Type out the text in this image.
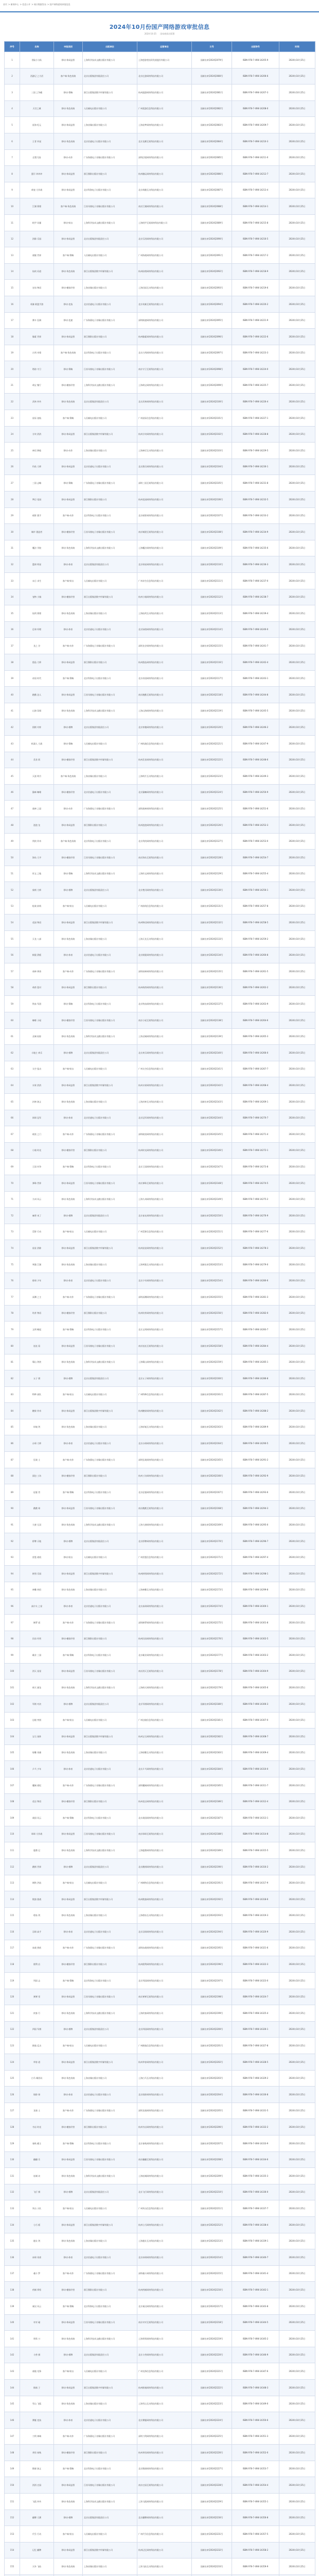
首页 > 新闻中心 > 信息公开 > 统计数据发布 > 国产网络游戏审批信息
2024年10月份国产网络游戏审批信息
2024-10-25 国家新闻出版署
序号	名称	申报类别	出版单位	运营单位	文号	出版物号	时间
1	冒险小分队	移动-休闲益智	上海科学技术文献出版社有限公司	上海悠游堂投资发展股份有限公司	国新出审[2024]2079号	ISBN 978-7-498-14205-9	2024年10月25日
2	西游记 之大话	客户端-角色扮演	北京出版集团有限责任公司	北京亿游网络科技有限公司	国新出审[2024]2080号	ISBN 978-7-498-14206-6	2024年10月25日
3	三国 之争霸	移动-策略	浙江出版集团数字传媒有限公司	杭州盛游网络科技有限公司	国新出审[2024]2081号	ISBN 978-7-498-14207-3	2024年10月25日
4	天空之城	移动-角色扮演	人民邮电出版社有限公司	广州爱游信息科技有限公司	国新出审[2024]2082号	ISBN 978-7-498-14208-0	2024年10月25日
5	星海 纪元	移动-休闲益智	上海音像出版社有限公司	上海星梦网络科技有限公司	国新出审[2024]2083号	ISBN 978-7-498-14209-7	2024年10月25日
6	王者 传说	移动-角色扮演	北京伯通电子出版社有限公司	北京龙腾互娱科技有限公司	国新出审[2024]2084号	ISBN 978-7-498-14210-3	2024年10月25日
7	幻想大陆	移动-动作	广东海燕电子音像出版社有限公司	深圳幻境网络科技有限公司	国新出审[2024]2085号	ISBN 978-7-498-14211-0	2024年10月25日
8	蛋仔 冲冲冲	移动-休闲益智	浙江摄影出版社有限公司	杭州趣玩网络科技有限公司	国新出审[2024]2086号	ISBN 978-7-498-14212-7	2024年10月25日
9	萌宠 大作战	移动-休闲益智	北京科海电子出版社有限公司	北京萌趣互动科技有限公司	国新出审[2024]2087号	ISBN 978-7-498-14213-4	2024年10月25日
10	江湖 情缘	客户端-角色扮演	江苏凤凰电子音像出版社有限公司	南京江湖网络科技有限公司	国新出审[2024]2088号	ISBN 978-7-498-14214-1	2024年10月25日
11	机甲 风暴	移动-射击	上海科学技术文献出版社有限公司	上海机甲互娱网络科技有限公司	国新出审[2024]2089号	ISBN 978-7-498-14215-8	2024年10月25日
12	消除 乐园	移动-休闲益智	北京出版集团有限责任公司	北京乐消网络科技有限公司	国新出审[2024]2090号	ISBN 978-7-498-14216-5	2024年10月25日
13	战舰 世界	客户端-策略	人民邮电出版社有限公司	广州海战网络科技有限公司	国新出审[2024]2091号	ISBN 978-7-498-14217-2	2024年10月25日
14	仙侠 问道	移动-角色扮演	浙江出版集团数字传媒有限公司	杭州仙缘网络科技有限公司	国新出审[2024]2092号	ISBN 978-7-498-14218-9	2024年10月25日
15	农场 物语	移动-模拟经营	上海音像出版社有限公司	上海田园互动科技有限公司	国新出审[2024]2093号	ISBN 978-7-498-14219-6	2024年10月25日
16	英雄 联盟手游	移动-竞技	北京伯通电子出版社有限公司	北京英雄互娱科技有限公司	国新出审[2024]2094号	ISBN 978-7-498-14220-2	2024年10月25日
17	赛车 狂飙	移动-竞速	广东海燕电子音像出版社有限公司	深圳极速网络科技有限公司	国新出审[2024]2095号	ISBN 978-7-498-14221-9	2024年10月25日
18	像素 世界	移动-休闲益智	浙江摄影出版社有限公司	杭州像素网络科技有限公司	国新出审[2024]2096号	ISBN 978-7-498-14222-6	2024年10月25日
19	古剑 奇缘	客户端-角色扮演	北京科海电子出版社有限公司	北京古剑网络科技有限公司	国新出审[2024]2097号	ISBN 978-7-498-14223-3	2024年10月25日
20	塔防 守卫	移动-策略	江苏凤凰电子音像出版社有限公司	南京守卫互娱科技有限公司	国新出审[2024]2098号	ISBN 978-7-498-14224-0	2024年10月25日
21	萌宝 餐厅	移动-模拟经营	上海科学技术文献出版社有限公司	上海萌宝网络科技有限公司	国新出审[2024]2099号	ISBN 978-7-498-14225-7	2024年10月25日
22	武林 外传	移动-角色扮演	北京出版集团有限责任公司	北京武林网络科技有限公司	国新出审[2024]2100号	ISBN 978-7-498-14226-4	2024年10月25日
23	星际 迷航	客户端-策略	人民邮电出版社有限公司	广州星际信息科技有限公司	国新出审[2024]2101号	ISBN 978-7-498-14227-1	2024年10月25日
24	方块 消消	移动-休闲益智	浙江出版集团数字传媒有限公司	杭州方块网络科技有限公司	国新出审[2024]2102号	ISBN 978-7-498-14228-8	2024年10月25日
25	神话 降临	移动-动作	上海音像出版社有限公司	上海神话互动科技有限公司	国新出审[2024]2103号	ISBN 978-7-498-14229-5	2024年10月25日
26	钓鱼 大师	移动-休闲益智	北京伯通电子出版社有限公司	北京渔乐网络科技有限公司	国新出审[2024]2104号	ISBN 978-7-498-14230-1	2024年10月25日
27	三国 志略	移动-策略	广东海燕电子音像出版社有限公司	深圳三国互娱科技有限公司	国新出审[2024]2105号	ISBN 978-7-498-14231-8	2024年10月25日
28	梦幻 花园	移动-休闲益智	浙江摄影出版社有限公司	杭州花园网络科技有限公司	国新出审[2024]2106号	ISBN 978-7-498-14232-5	2024年10月25日
29	暗影 猎手	客户端-动作	北京科海电子出版社有限公司	北京暗影网络科技有限公司	国新出审[2024]2107号	ISBN 978-7-498-14233-2	2024年10月25日
30	城市 建造者	移动-模拟经营	江苏凤凰电子音像出版社有限公司	南京城建互娱科技有限公司	国新出审[2024]2108号	ISBN 978-7-498-14234-9	2024年10月25日
31	魔法 学院	移动-角色扮演	上海科学技术文献出版社有限公司	上海魔法网络科技有限公司	国新出审[2024]2109号	ISBN 978-7-498-14235-6	2024年10月25日
32	篮球 明星	移动-体育	北京出版集团有限责任公司	北京球星网络科技有限公司	国新出审[2024]2110号	ISBN 978-7-498-14236-3	2024年10月25日
33	末日 求生	客户端-射击	人民邮电出版社有限公司	广州求生信息科技有限公司	国新出审[2024]2111号	ISBN 978-7-498-14237-0	2024年10月25日
34	宠物 小镇	移动-模拟经营	浙江出版集团数字传媒有限公司	杭州小镇网络科技有限公司	国新出审[2024]2112号	ISBN 978-7-498-14238-7	2024年10月25日
35	仙剑 情缘	移动-角色扮演	上海音像出版社有限公司	上海仙剑互动科技有限公司	国新出审[2024]2113号	ISBN 978-7-498-14239-4	2024年10月25日
36	足球 经理	移动-体育	北京伯通电子出版社有限公司	北京绿茵网络科技有限公司	国新出审[2024]2114号	ISBN 978-7-498-14240-0	2024年10月25日
37	龙之 谷	客户端-动作	广东海燕电子音像出版社有限公司	深圳龙谷网络科技有限公司	国新出审[2024]2115号	ISBN 978-7-498-14241-7	2024年10月25日
38	甜品 大师	移动-休闲益智	浙江摄影出版社有限公司	杭州甜品网络科技有限公司	国新出审[2024]2116号	ISBN 978-7-498-14242-4	2024年10月25日
39	帝国 时代	客户端-策略	北京科海电子出版社有限公司	北京帝国网络科技有限公司	国新出审[2024]2117号	ISBN 978-7-498-14243-1	2024年10月25日
40	跑酷 达人	移动-休闲益智	江苏凤凰电子音像出版社有限公司	南京跑酷互娱科技有限公司	国新出审[2024]2118号	ISBN 978-7-498-14244-8	2024年10月25日
41	山海 异闻	移动-角色扮演	上海科学技术文献出版社有限公司	上海山海网络科技有限公司	国新出审[2024]2119号	ISBN 978-7-498-14245-5	2024年10月25日
42	围棋 对弈	移动-棋牌	北京出版集团有限责任公司	北京弈趣网络科技有限公司	国新出审[2024]2120号	ISBN 978-7-498-14246-2	2024年10月25日
43	机器人 大战	移动-策略	人民邮电出版社有限公司	广州机战信息科技有限公司	国新出审[2024]2121号	ISBN 978-7-498-14247-9	2024年10月25日
44	美食 街	移动-模拟经营	浙江出版集团数字传媒有限公司	杭州美食网络科技有限公司	国新出审[2024]2122号	ISBN 978-7-498-14248-6	2024年10月25日
45	天涯 明月	客户端-角色扮演	上海音像出版社有限公司	上海明月互动科技有限公司	国新出审[2024]2123号	ISBN 978-7-498-14249-3	2024年10月25日
46	猫咪 咖啡	移动-模拟经营	北京伯通电子出版社有限公司	北京猫咖网络科技有限公司	国新出审[2024]2124号	ISBN 978-7-498-14250-9	2024年10月25日
47	战神 之怒	移动-动作	广东海燕电子音像出版社有限公司	深圳战神网络科技有限公司	国新出审[2024]2125号	ISBN 978-7-498-14251-6	2024年10月25日
48	泡泡 龙	移动-休闲益智	浙江摄影出版社有限公司	杭州泡泡网络科技有限公司	国新出审[2024]2126号	ISBN 978-7-498-14252-3	2024年10月25日
49	剑侠 传奇	客户端-角色扮演	北京科海电子出版社有限公司	北京剑侠网络科技有限公司	国新出审[2024]2127号	ISBN 978-7-498-14253-0	2024年10月25日
50	海岛 大亨	移动-模拟经营	江苏凤凰电子音像出版社有限公司	南京海岛互娱科技有限公司	国新出审[2024]2128号	ISBN 978-7-498-14254-7	2024年10月25日
51	符文 之地	移动-策略	上海科学技术文献出版社有限公司	上海符文网络科技有限公司	国新出审[2024]2129号	ISBN 978-7-498-14255-4	2024年10月25日
52	象棋 大师	移动-棋牌	北京出版集团有限责任公司	北京楚河网络科技有限公司	国新出审[2024]2130号	ISBN 978-7-498-14256-1	2024年10月25日
53	枪战 前线	客户端-射击	人民邮电出版社有限公司	广州前线信息科技有限公司	国新出审[2024]2131号	ISBN 978-7-498-14257-8	2024年10月25日
54	花园 物语	移动-休闲益智	浙江出版集团数字传媒有限公司	杭州物语网络科技有限公司	国新出审[2024]2132号	ISBN 978-7-498-14258-5	2024年10月25日
55	天龙 八部	移动-角色扮演	上海音像出版社有限公司	上海天龙互动科技有限公司	国新出审[2024]2133号	ISBN 978-7-498-14259-2	2024年10月25日
56	极限 滑板	移动-体育	北京伯通电子出版社有限公司	北京极限网络科技有限公司	国新出审[2024]2134号	ISBN 978-7-498-14260-8	2024年10月25日
57	诸神 黄昏	客户端-动作	广东海燕电子音像出版社有限公司	深圳诸神网络科技有限公司	国新出审[2024]2135号	ISBN 978-7-498-14261-5	2024年10月25日
58	萌兽 派对	移动-休闲益智	浙江摄影出版社有限公司	杭州萌兽网络科技有限公司	国新出审[2024]2136号	ISBN 978-7-498-14262-2	2024年10月25日
59	铁血 军团	移动-策略	北京科海电子出版社有限公司	北京铁血网络科技有限公司	国新出审[2024]2137号	ISBN 978-7-498-14263-9	2024年10月25日
60	咖啡 小屋	移动-模拟经营	江苏凤凰电子音像出版社有限公司	南京小屋互娱科技有限公司	国新出审[2024]2138号	ISBN 978-7-498-14264-6	2024年10月25日
61	灵域 仙踪	移动-角色扮演	上海科学技术文献出版社有限公司	上海灵域网络科技有限公司	国新出审[2024]2139号	ISBN 978-7-498-14265-3	2024年10月25日
62	斗地主 欢乐	移动-棋牌	北京出版集团有限责任公司	北京欢乐网络科技有限公司	国新出审[2024]2140号	ISBN 978-7-498-14266-0	2024年10月25日
63	太空 狙击	客户端-射击	人民邮电出版社有限公司	广州太空信息科技有限公司	国新出审[2024]2141号	ISBN 978-7-498-14267-7	2024年10月25日
64	水果 消消	移动-休闲益智	浙江出版集团数字传媒有限公司	杭州水果网络科技有限公司	国新出审[2024]2142号	ISBN 978-7-498-14268-4	2024年10月25日
65	封神 演义	移动-角色扮演	上海音像出版社有限公司	上海封神互动科技有限公司	国新出审[2024]2143号	ISBN 978-7-498-14269-1	2024年10月25日
66	网球 冠军	移动-体育	北京伯通电子出版社有限公司	北京冠军网络科技有限公司	国新出审[2024]2144号	ISBN 978-7-498-14270-7	2024年10月25日
67	暗黑 之门	客户端-动作	广东海燕电子音像出版社有限公司	深圳暗黑网络科技有限公司	国新出审[2024]2145号	ISBN 978-7-498-14271-4	2024年10月25日
68	小镇 时光	移动-模拟经营	浙江摄影出版社有限公司	杭州时光网络科技有限公司	国新出审[2024]2146号	ISBN 978-7-498-14272-1	2024年10月25日
69	王国 纷争	客户端-策略	北京科海电子出版社有限公司	北京王国网络科技有限公司	国新出审[2024]2147号	ISBN 978-7-498-14273-8	2024年10月25日
70	弹珠 世界	移动-休闲益智	江苏凤凰电子音像出版社有限公司	南京弹珠互娱科技有限公司	国新出审[2024]2148号	ISBN 978-7-498-14274-5	2024年10月25日
71	九州 风云	移动-角色扮演	上海科学技术文献出版社有限公司	上海九州网络科技有限公司	国新出审[2024]2149号	ISBN 978-7-498-14275-2	2024年10月25日
72	麻将 来了	移动-棋牌	北京出版集团有限责任公司	北京雀友网络科技有限公司	国新出审[2024]2150号	ISBN 978-7-498-14276-9	2024年10月25日
73	荒野 行动	客户端-射击	人民邮电出版社有限公司	广州荒野信息科技有限公司	国新出审[2024]2151号	ISBN 978-7-498-14277-6	2024年10月25日
74	星星 消除	移动-休闲益智	浙江出版集团数字传媒有限公司	杭州星星网络科技有限公司	国新出审[2024]2152号	ISBN 978-7-498-14278-3	2024年10月25日
75	笑傲 江湖	移动-角色扮演	上海音像出版社有限公司	上海笑傲互动科技有限公司	国新出审[2024]2153号	ISBN 978-7-498-14279-0	2024年10月25日
76	排球 少年	移动-体育	北京伯通电子出版社有限公司	北京少年网络科技有限公司	国新出审[2024]2154号	ISBN 978-7-498-14280-6	2024年10月25日
77	深渊 之主	客户端-动作	广东海燕电子音像出版社有限公司	深圳深渊网络科技有限公司	国新出审[2024]2155号	ISBN 978-7-498-14281-3	2024年10月25日
78	奶茶 物语	移动-模拟经营	浙江摄影出版社有限公司	杭州奶茶网络科技有限公司	国新出审[2024]2156号	ISBN 978-7-498-14282-0	2024年10月25日
79	文明 崛起	客户端-策略	北京科海电子出版社有限公司	北京文明网络科技有限公司	国新出审[2024]2157号	ISBN 978-7-498-14283-7	2024年10月25日
80	连连 看	移动-休闲益智	江苏凤凰电子音像出版社有限公司	南京连连互娱科技有限公司	国新出审[2024]2158号	ISBN 978-7-498-14284-4	2024年10月25日
81	蜀山 剑侠	移动-角色扮演	上海科学技术文献出版社有限公司	上海蜀山网络科技有限公司	国新出审[2024]2159号	ISBN 978-7-498-14285-1	2024年10月25日
82	五子 棋	移动-棋牌	北京出版集团有限责任公司	北京五子网络科技有限公司	国新出审[2024]2160号	ISBN 978-7-498-14286-8	2024年10月25日
83	特种 部队	客户端-射击	人民邮电出版社有限公司	广州特种信息科技有限公司	国新出审[2024]2161号	ISBN 978-7-498-14287-5	2024年10月25日
84	糖果 传奇	移动-休闲益智	浙江出版集团数字传媒有限公司	杭州糖果网络科技有限公司	国新出审[2024]2162号	ISBN 978-7-498-14288-2	2024年10月25日
85	轩辕 剑	移动-角色扮演	上海音像出版社有限公司	上海轩辕互动科技有限公司	国新出审[2024]2163号	ISBN 978-7-498-14289-9	2024年10月25日
86	台球 大师	移动-体育	北京伯通电子出版社有限公司	北京台球网络科技有限公司	国新出审[2024]2164号	ISBN 978-7-498-14290-5	2024年10月25日
87	狂战 士	客户端-动作	广东海燕电子音像出版社有限公司	深圳狂战网络科技有限公司	国新出审[2024]2165号	ISBN 978-7-498-14291-2	2024年10月25日
88	面包 工坊	移动-模拟经营	浙江摄影出版社有限公司	杭州工坊网络科技有限公司	国新出审[2024]2166号	ISBN 978-7-498-14292-9	2024年10月25日
89	征服 者	客户端-策略	北京科海电子出版社有限公司	北京征服网络科技有限公司	国新出审[2024]2167号	ISBN 978-7-498-14293-6	2024年10月25日
90	跳跳 球	移动-休闲益智	江苏凤凰电子音像出版社有限公司	南京跳跳互娱科技有限公司	国新出审[2024]2168号	ISBN 978-7-498-14294-3	2024年10月25日
91	大唐 无双	移动-角色扮演	上海科学技术文献出版社有限公司	上海大唐网络科技有限公司	国新出审[2024]2169号	ISBN 978-7-498-14295-0	2024年10月25日
92	桥牌 天地	移动-棋牌	北京出版集团有限责任公司	北京桥牌网络科技有限公司	国新出审[2024]2170号	ISBN 978-7-498-14296-7	2024年10月25日
93	雷霆 战机	移动-射击	人民邮电出版社有限公司	广州雷霆信息科技有限公司	国新出审[2024]2171号	ISBN 978-7-498-14297-4	2024年10月25日
94	拼图 乐园	移动-休闲益智	浙江出版集团数字传媒有限公司	杭州拼图网络科技有限公司	国新出审[2024]2172号	ISBN 978-7-498-14298-1	2024年10月25日
95	神雕 侠侣	移动-角色扮演	上海音像出版社有限公司	上海神雕互动科技有限公司	国新出审[2024]2173号	ISBN 978-7-498-14299-8	2024年10月25日
96	高尔夫 之星	移动-体育	北京伯通电子出版社有限公司	北京高球网络科技有限公司	国新出审[2024]2174号	ISBN 978-7-498-14300-1	2024年10月25日
97	修罗 道	客户端-动作	广东海燕电子音像出版社有限公司	深圳修罗网络科技有限公司	国新出审[2024]2175号	ISBN 978-7-498-14301-8	2024年10月25日
98	民宿 经营	移动-模拟经营	浙江摄影出版社有限公司	杭州民宿网络科技有限公司	国新出审[2024]2176号	ISBN 978-7-498-14302-5	2024年10月25日
99	霸业 三国	客户端-策略	北京科海电子出版社有限公司	北京霸业网络科技有限公司	国新出审[2024]2177号	ISBN 978-7-498-14303-2	2024年10月25日
100	消灭 星星	移动-休闲益智	江苏凤凰电子音像出版社有限公司	南京消灭互娱科技有限公司	国新出审[2024]2178号	ISBN 978-7-498-14304-9	2024年10月25日
101	倚天 屠龙	移动-角色扮演	上海科学技术文献出版社有限公司	上海倚天网络科技有限公司	国新出审[2024]2179号	ISBN 978-7-498-14305-6	2024年10月25日
102	军棋 对决	移动-棋牌	北京出版集团有限责任公司	北京军棋网络科技有限公司	国新出审[2024]2180号	ISBN 978-7-498-14306-3	2024年10月25日
103	边境 突围	客户端-射击	人民邮电出版社有限公司	广州边境信息科技有限公司	国新出审[2024]2181号	ISBN 978-7-498-14307-0	2024年10月25日
104	宝石 迷阵	移动-休闲益智	浙江出版集团数字传媒有限公司	杭州宝石网络科技有限公司	国新出审[2024]2182号	ISBN 978-7-498-14308-7	2024年10月25日
105	射雕 英雄	移动-角色扮演	上海音像出版社有限公司	上海射雕互动科技有限公司	国新出审[2024]2183号	ISBN 978-7-498-14309-4	2024年10月25日
106	乒乓 少年	移动-体育	北京伯通电子出版社有限公司	北京乒乓网络科技有限公司	国新出审[2024]2184号	ISBN 978-7-498-14310-0	2024年10月25日
107	魔域 战纪	客户端-动作	广东海燕电子音像出版社有限公司	深圳魔域网络科技有限公司	国新出审[2024]2185号	ISBN 978-7-498-14311-7	2024年10月25日
108	花店 物语	移动-模拟经营	浙江摄影出版社有限公司	杭州花店网络科技有限公司	国新出审[2024]2186号	ISBN 978-7-498-14312-4	2024年10月25日
109	战国 风云	客户端-策略	北京科海电子出版社有限公司	北京战国网络科技有限公司	国新出审[2024]2187号	ISBN 978-7-498-14313-1	2024年10月25日
110	球球 大作战	移动-休闲益智	江苏凤凰电子音像出版社有限公司	南京球球互娱科技有限公司	国新出审[2024]2188号	ISBN 978-7-498-14314-8	2024年10月25日
111	鹿鼎 记	移动-角色扮演	上海科学技术文献出版社有限公司	上海鹿鼎网络科技有限公司	国新出审[2024]2189号	ISBN 978-7-498-14315-5	2024年10月25日
112	跳棋 世界	移动-棋牌	北京出版集团有限责任公司	北京跳棋网络科技有限公司	国新出审[2024]2190号	ISBN 978-7-498-14316-2	2024年10月25日
113	钢铁 洪流	客户端-射击	人民邮电出版社有限公司	广州钢铁信息科技有限公司	国新出审[2024]2191号	ISBN 978-7-498-14317-9	2024年10月25日
114	数独 挑战	移动-休闲益智	浙江出版集团数字传媒有限公司	杭州数独网络科技有限公司	国新出审[2024]2192号	ISBN 978-7-498-14318-6	2024年10月25日
115	碧血 剑	移动-角色扮演	上海音像出版社有限公司	上海碧血互动科技有限公司	国新出审[2024]2193号	ISBN 978-7-498-14319-3	2024年10月25日
116	羽球 高手	移动-体育	北京伯通电子出版社有限公司	北京羽球网络科技有限公司	国新出审[2024]2194号	ISBN 978-7-498-14320-9	2024年10月25日
117	血战 到底	客户端-动作	广东海燕电子音像出版社有限公司	深圳血战网络科技有限公司	国新出审[2024]2195号	ISBN 978-7-498-14321-6	2024年10月25日
118	便利 店	移动-模拟经营	浙江摄影出版社有限公司	杭州便利网络科技有限公司	国新出审[2024]2196号	ISBN 978-7-498-14322-3	2024年10月25日
119	列国 志	客户端-策略	北京科海电子出版社有限公司	北京列国网络科技有限公司	国新出审[2024]2197号	ISBN 978-7-498-14323-0	2024年10月25日
120	弹弹 堂	移动-休闲益智	江苏凤凰电子音像出版社有限公司	南京弹弹互娱科技有限公司	国新出审[2024]2198号	ISBN 978-7-498-14324-7	2024年10月25日
121	侠客 行	移动-角色扮演	上海科学技术文献出版社有限公司	上海侠客网络科技有限公司	国新出审[2024]2199号	ISBN 978-7-498-14325-4	2024年10月25日
122	四国 军棋	移动-棋牌	北京出版集团有限责任公司	北京四国网络科技有限公司	国新出审[2024]2200号	ISBN 978-7-498-14326-1	2024年10月25日
123	绝地 反击	客户端-射击	人民邮电出版社有限公司	广州绝地信息科技有限公司	国新出审[2024]2201号	ISBN 978-7-498-14327-8	2024年10月25日
124	华容 道	移动-休闲益智	浙江出版集团数字传媒有限公司	杭州华容网络科技有限公司	国新出审[2024]2202号	ISBN 978-7-498-14328-5	2024年10月25日
125	白马 啸西风	移动-角色扮演	上海音像出版社有限公司	上海白马互动科技有限公司	国新出审[2024]2203号	ISBN 978-7-498-14329-2	2024年10月25日
126	保龄 球	移动-体育	北京伯通电子出版社有限公司	北京保龄网络科技有限公司	国新出审[2024]2204号	ISBN 978-7-498-14330-8	2024年10月25日
127	龙骑 士	客户端-动作	广东海燕电子音像出版社有限公司	深圳龙骑网络科技有限公司	国新出审[2024]2205号	ISBN 978-7-498-14331-5	2024年10月25日
128	书店 时光	移动-模拟经营	浙江摄影出版社有限公司	杭州书店网络科技有限公司	国新出审[2024]2206号	ISBN 978-7-498-14332-2	2024年10月25日
129	春秋 霸主	客户端-策略	北京科海电子出版社有限公司	北京春秋网络科技有限公司	国新出审[2024]2207号	ISBN 978-7-498-14333-9	2024年10月25日
130	翻翻 乐	移动-休闲益智	江苏凤凰电子音像出版社有限公司	南京翻翻互娱科技有限公司	国新出审[2024]2208号	ISBN 978-7-498-14334-6	2024年10月25日
131	连城 诀	移动-角色扮演	上海科学技术文献出版社有限公司	上海连城网络科技有限公司	国新出审[2024]2209号	ISBN 978-7-498-14335-3	2024年10月25日
132	飞行 棋	移动-棋牌	北京出版集团有限责任公司	北京飞行网络科技有限公司	国新出审[2024]2210号	ISBN 978-7-498-14336-0	2024年10月25日
133	突击 小队	客户端-射击	人民邮电出版社有限公司	广州突击信息科技有限公司	国新出审[2024]2211号	ISBN 978-7-498-14337-7	2024年10月25日
134	七巧 板	移动-休闲益智	浙江出版集团数字传媒有限公司	杭州七巧网络科技有限公司	国新出审[2024]2212号	ISBN 978-7-498-14338-4	2024年10月25日
135	越女 剑	移动-角色扮演	上海音像出版社有限公司	上海越女互动科技有限公司	国新出审[2024]2213号	ISBN 978-7-498-14339-1	2024年10月25日
136	冰球 英豪	移动-体育	北京伯通电子出版社有限公司	北京冰球网络科技有限公司	国新出审[2024]2214号	ISBN 978-7-498-14340-7	2024年10月25日
137	魂斗 罗	客户端-动作	广东海燕电子音像出版社有限公司	深圳魂斗网络科技有限公司	国新出审[2024]2215号	ISBN 978-7-498-14341-4	2024年10月25日
138	药铺 掌柜	移动-模拟经营	浙江摄影出版社有限公司	杭州药铺网络科技有限公司	国新出审[2024]2216号	ISBN 978-7-498-14342-1	2024年10月25日
139	秦汉 风云	客户端-策略	北京科海电子出版社有限公司	北京秦汉网络科技有限公司	国新出审[2024]2217号	ISBN 978-7-498-14343-8	2024年10月25日
140	对对 碰	移动-休闲益智	江苏凤凰电子音像出版社有限公司	南京对对互娱科技有限公司	国新出审[2024]2218号	ISBN 978-7-498-14344-5	2024年10月25日
141	鸳鸯 刀	移动-角色扮演	上海科学技术文献出版社有限公司	上海鸳鸯网络科技有限公司	国新出审[2024]2219号	ISBN 978-7-498-14345-2	2024年10月25日
142	斗兽 棋	移动-棋牌	北京出版集团有限责任公司	北京斗兽网络科技有限公司	国新出审[2024]2220号	ISBN 978-7-498-14346-9	2024年10月25日
143	战地 先锋	客户端-射击	人民邮电出版社有限公司	广州先锋信息科技有限公司	国新出审[2024]2221号	ISBN 978-7-498-14347-6	2024年10月25日
144	推箱 子	移动-休闲益智	浙江出版集团数字传媒有限公司	杭州推箱网络科技有限公司	国新出审[2024]2222号	ISBN 978-7-498-14348-3	2024年10月25日
145	雪山 飞狐	移动-角色扮演	上海音像出版社有限公司	上海雪山互动科技有限公司	国新出审[2024]2223号	ISBN 978-7-498-14349-0	2024年10月25日
146	赛艇 竞技	移动-体育	北京伯通电子出版社有限公司	北京赛艇网络科技有限公司	国新出审[2024]2224号	ISBN 978-7-498-14350-6	2024年10月25日
147	刀剑 神域	客户端-动作	广东海燕电子音像出版社有限公司	深圳刀剑网络科技有限公司	国新出审[2024]2225号	ISBN 978-7-498-14351-3	2024年10月25日
148	茶馆 春秋	移动-模拟经营	浙江摄影出版社有限公司	杭州茶馆网络科技有限公司	国新出审[2024]2226号	ISBN 978-7-498-14352-0	2024年10月25日
149	隋唐 演义	客户端-策略	北京科海电子出版社有限公司	北京隋唐网络科技有限公司	国新出审[2024]2227号	ISBN 978-7-498-14353-7	2024年10月25日
150	消消 庄园	移动-休闲益智	江苏凤凰电子音像出版社有限公司	南京庄园互娱科技有限公司	国新出审[2024]2228号	ISBN 978-7-498-14354-4	2024年10月25日
151	飞狐 外传	移动-角色扮演	上海科学技术文献出版社有限公司	上海飞狐网络科技有限公司	国新出审[2024]2229号	ISBN 978-7-498-14355-1	2024年10月25日
152	翻牌 大赛	移动-棋牌	北京出版集团有限责任公司	北京翻牌网络科技有限公司	国新出审[2024]2230号	ISBN 978-7-498-14356-8	2024年10月25日
153	代号 行动	客户端-射击	人民邮电出版社有限公司	广州代号信息科技有限公司	国新出审[2024]2231号	ISBN 978-7-498-14357-5	2024年10月25日
154	记忆 翻牌	移动-休闲益智	浙江出版集团数字传媒有限公司	杭州记忆网络科技有限公司	国新出审[2024]2232号	ISBN 978-7-498-14358-2	2024年10月25日
155	天外 飞仙	移动-角色扮演	上海音像出版社有限公司	上海飞仙互动科技有限公司	国新出审[2024]2233号	ISBN 978-7-498-14359-9	2024年10月25日
